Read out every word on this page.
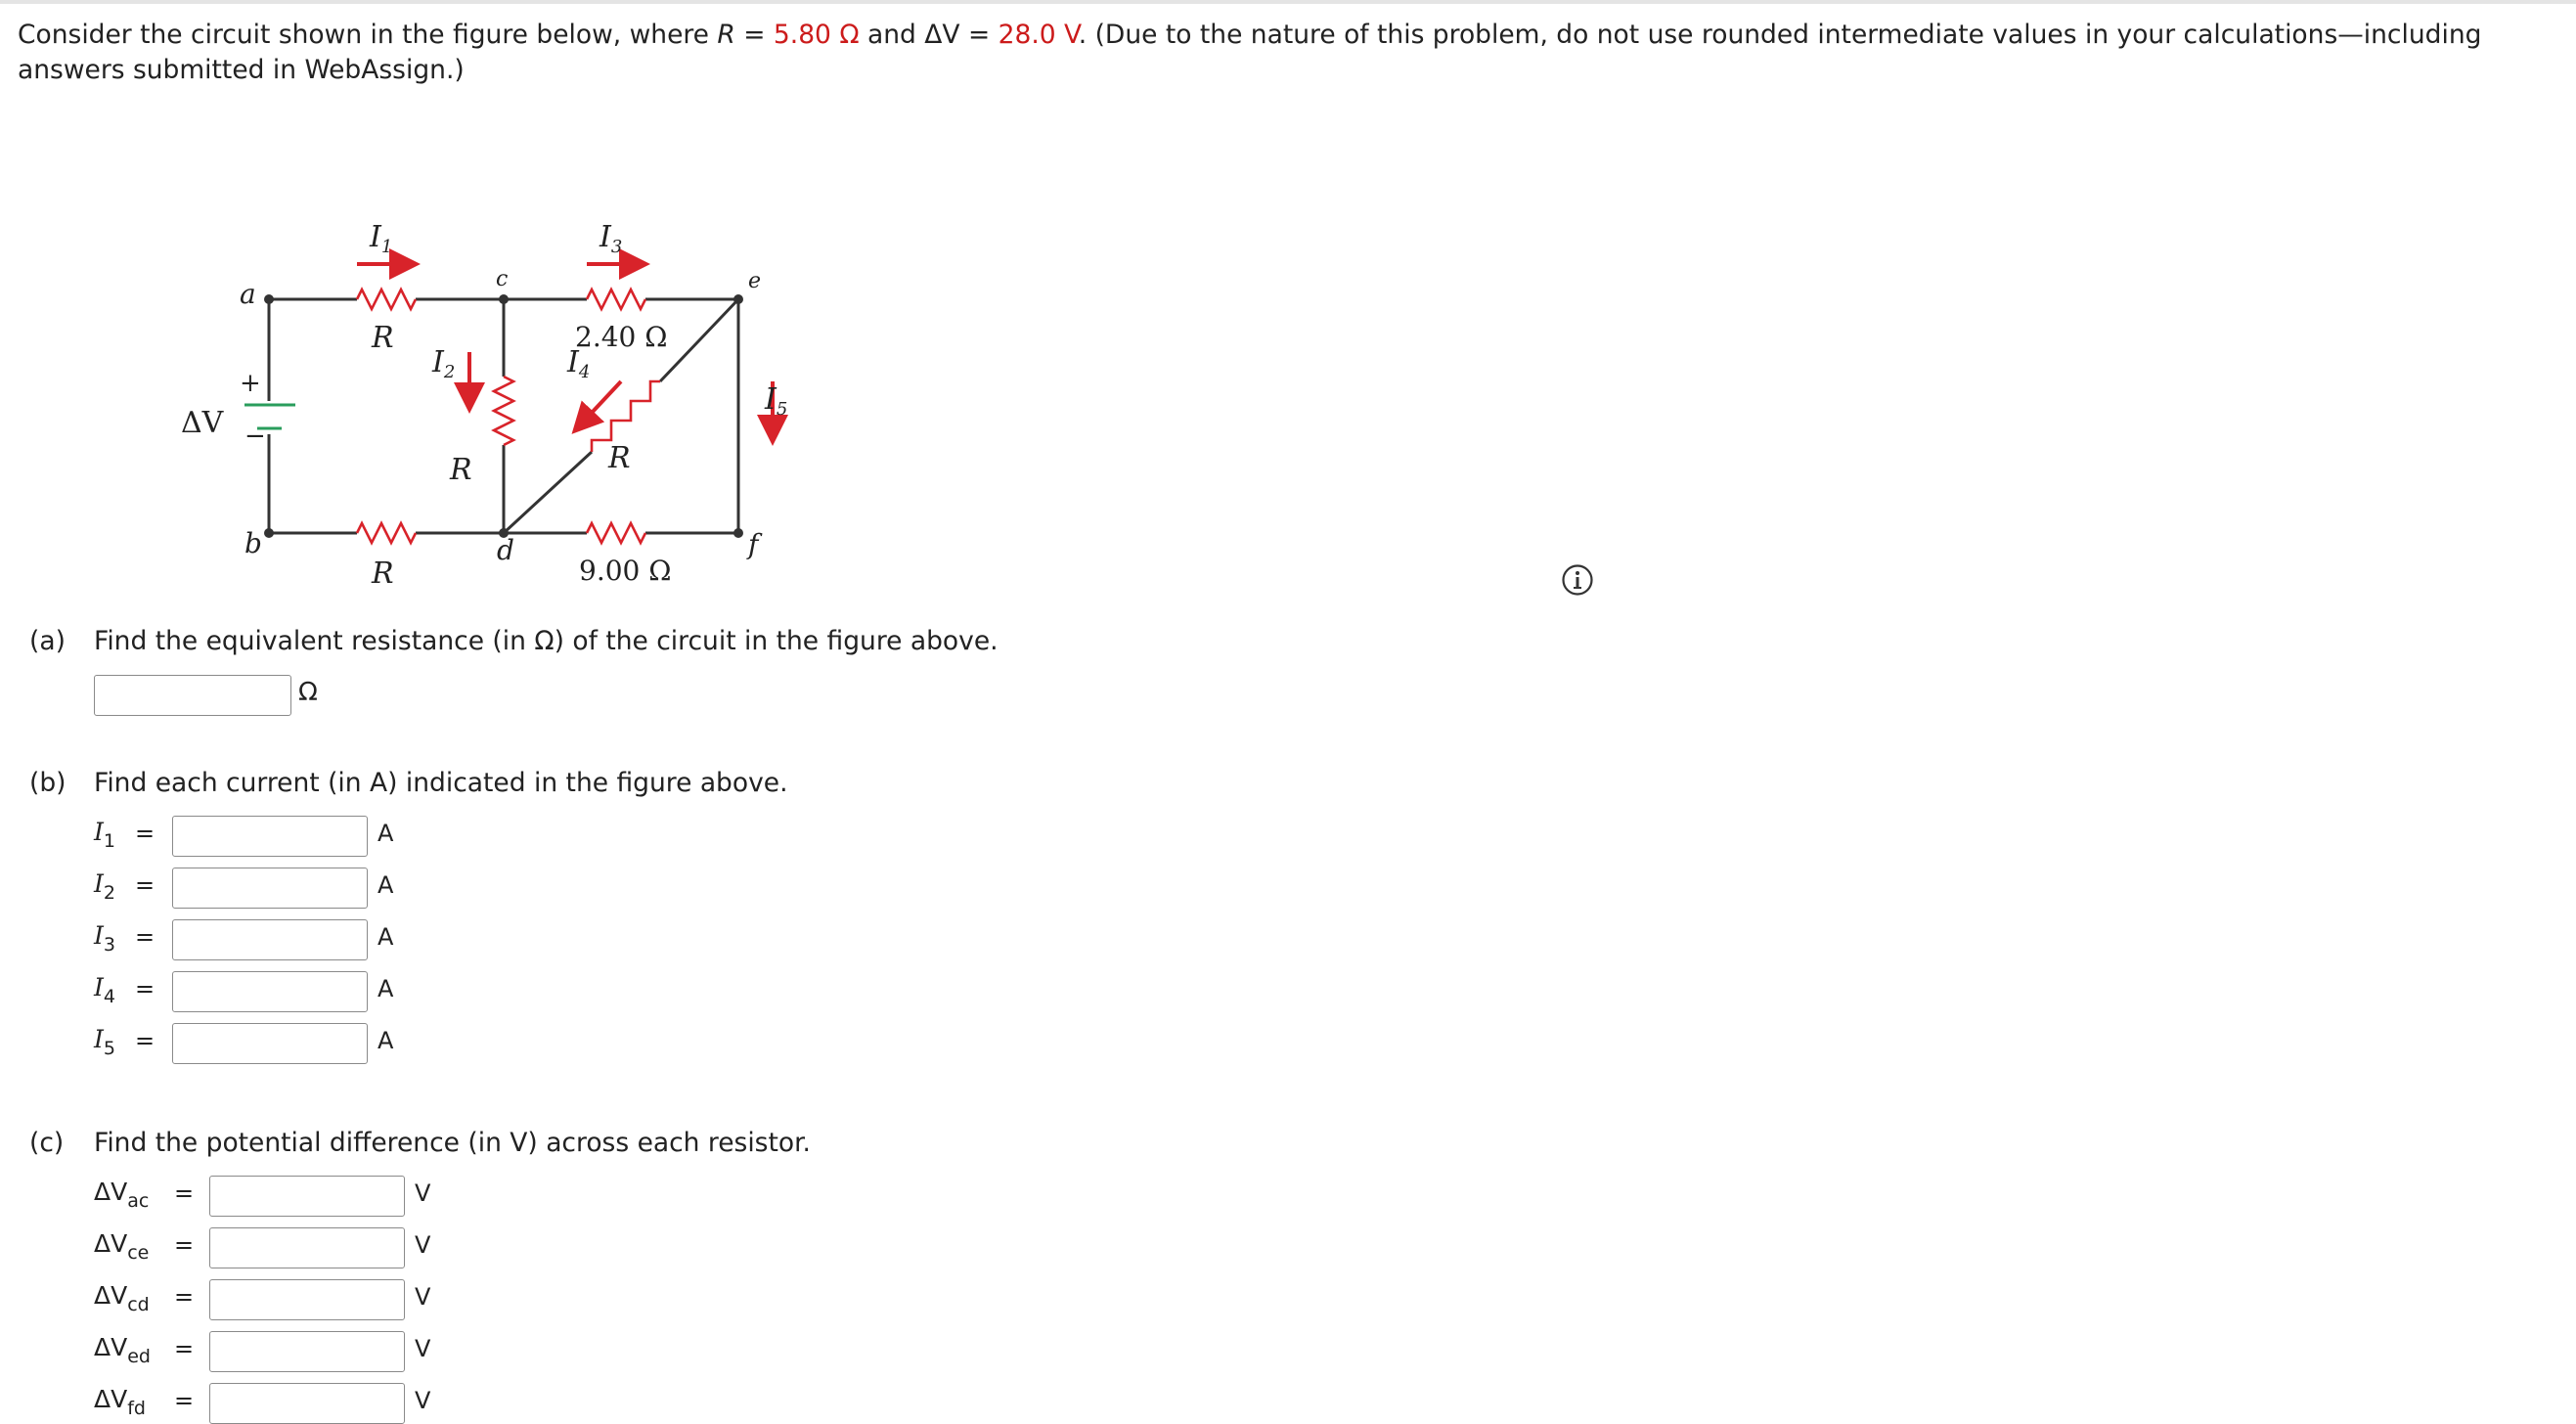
Consider the circuit shown in the figure below, where R = 5.80 Ω and ΔV = 28.0 V. (Due to the nature of this problem, do not use rounded intermediate values in your calculations—including answers submitted in WebAssign.)
a
b
c
d
e
f
ΔV
+
−
$I_1$	$I_3$
$I_2$	$I_4$
$I_5$
R
R
R	R
2.40 Ω
9.00 Ω
(a) Find the equivalent resistance (in Ω) of the circuit in the figure above.
Ω
(b) Find each current (in A) indicated in the figure above.
$I_1$ =	A
$I_2$ =	A
$I_3$ =	A
$I_4$ =	A
$I_5$ =	A
(c) Find the potential difference (in V) across each resistor.
$\Delta V_{ac}$ =	V
$\Delta V_{ce}$ =	V
$\Delta V_{cd}$ =	V
$\Delta V_{ed}$ =	V
$\Delta V_{fd}$ =	V
